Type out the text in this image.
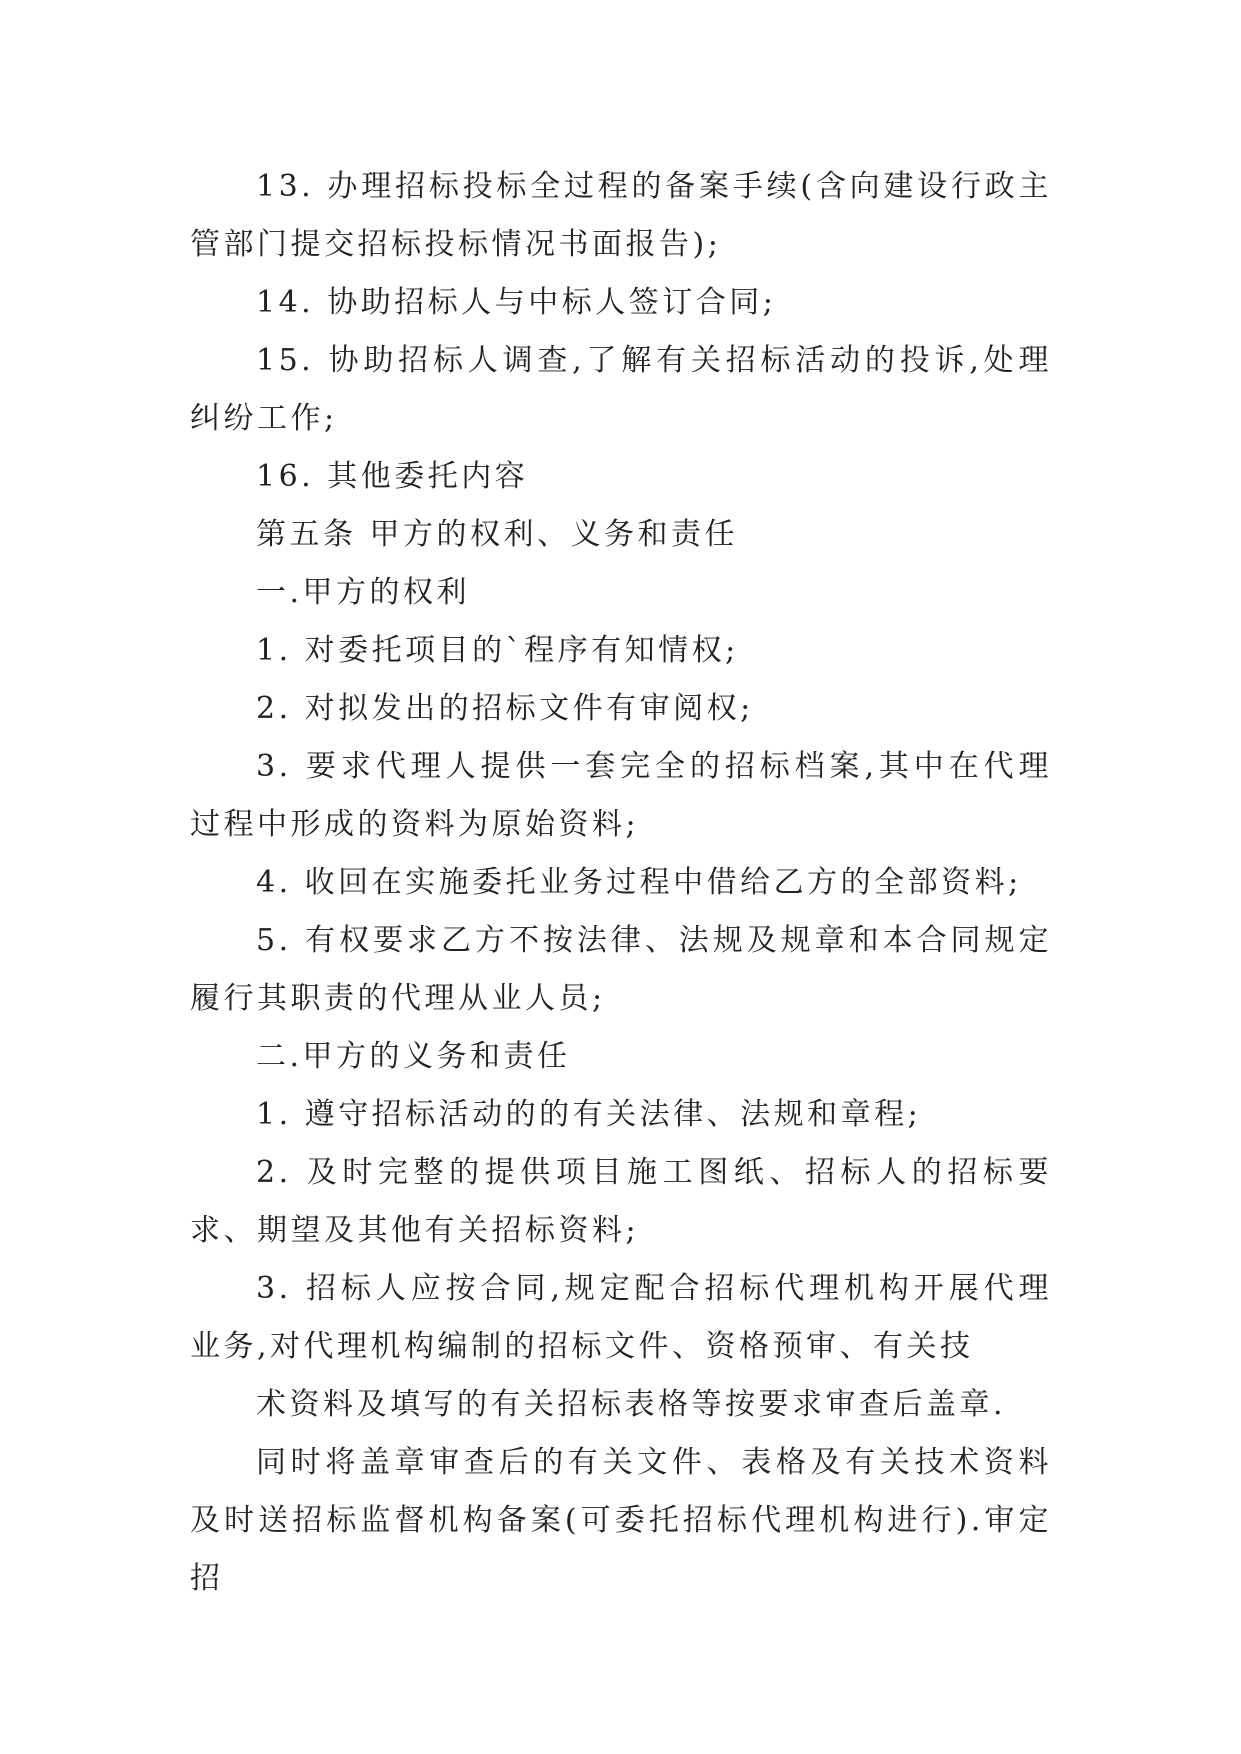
13. 办理招标投标全过程的备案手续(含向建设行政主管部门提交招标投标情况书面报告);

14. 协助招标人与中标人签订合同;

15. 协助招标人调查,了解有关招标活动的投诉,处理纠纷工作;

16. 其他委托内容

第五条 甲方的权利、义务和责任

一.甲方的权利

1. 对委托项目的`程序有知情权;

2. 对拟发出的招标文件有审阅权;

3. 要求代理人提供一套完全的招标档案,其中在代理过程中形成的资料为原始资料;

4. 收回在实施委托业务过程中借给乙方的全部资料;

5. 有权要求乙方不按法律、法规及规章和本合同规定履行其职责的代理从业人员;

二.甲方的义务和责任

1. 遵守招标活动的的有关法律、法规和章程;

2. 及时完整的提供项目施工图纸、招标人的招标要求、期望及其他有关招标资料;

3. 招标人应按合同,规定配合招标代理机构开展代理业务,对代理机构编制的招标文件、资格预审、有关技

术资料及填写的有关招标表格等按要求审查后盖章.

同时将盖章审查后的有关文件、表格及有关技术资料及时送招标监督机构备案(可委托招标代理机构进行).审定招
